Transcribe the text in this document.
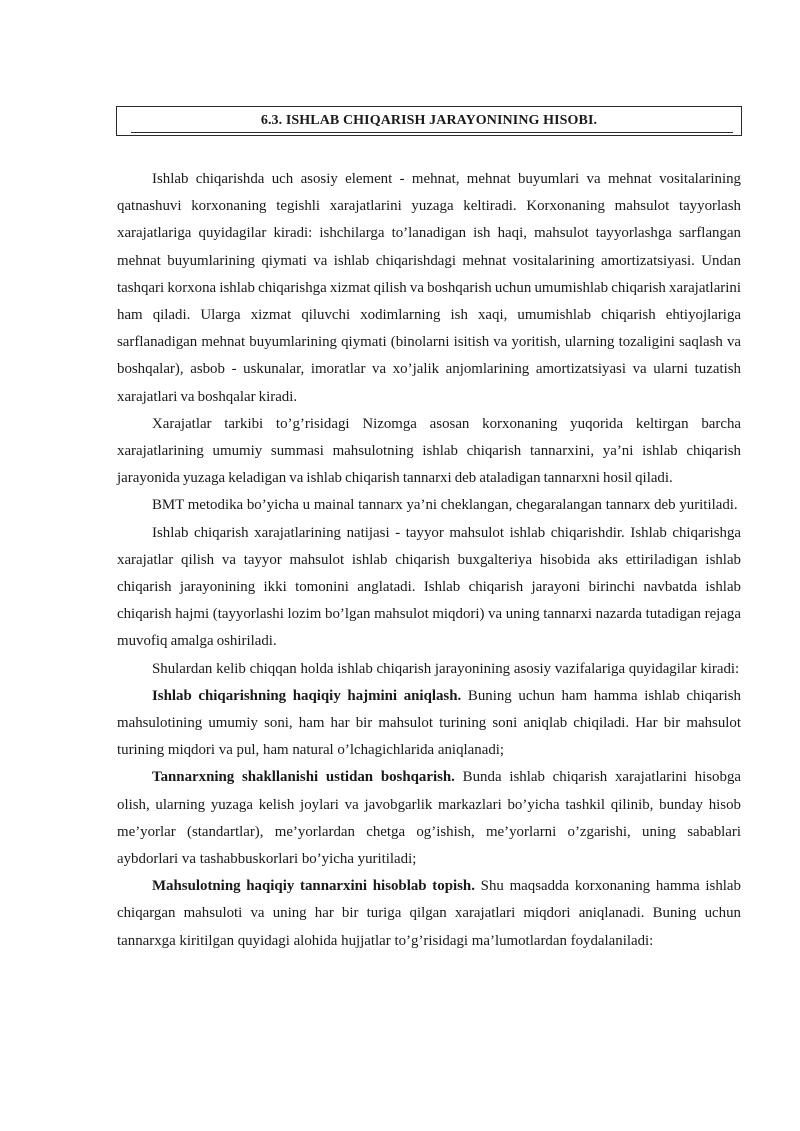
6.3. ISHLAB CHIQARISH JARAYONINING HISOBI.

Ishlab chiqarishda uch asosiy element - mehnat, mehnat buyumlari va mehnat vositalarining qatnashuvi korxonaning tegishli xarajatlarini yuzaga keltiradi. Korxonaning mahsulot tayyorlash xarajatlariga quyidagilar kiradi: ishchilarga to’lanadigan ish haqi, mahsulot tayyorlashga sarflangan mehnat buyumlarining qiymati va ishlab chiqarishdagi mehnat vositalarining amortizatsiyasi. Undan tashqari korxona ishlab chiqarishga xizmat qilish va boshqarish uchun umumishlab chiqarish xarajatlarini ham qiladi. Ularga xizmat qiluvchi xodimlarning ish xaqi, umumishlab chiqarish ehtiyojlariga sarflanadigan mehnat buyumlarining qiymati (binolarni isitish va yoritish, ularning tozaligini saqlash va boshqalar), asbob - uskunalar, imoratlar va xo’jalik anjomlarining amortizatsiyasi va ularni tuzatish xarajatlari va boshqalar kiradi.

Xarajatlar tarkibi to’g’risidagi Nizomga asosan korxonaning yuqorida keltirgan barcha xarajatlarining umumiy summasi mahsulotning ishlab chiqarish tannarxini, ya’ni ishlab chiqarish jarayonida yuzaga keladigan va ishlab chiqarish tannarxi deb ataladigan tannarxni hosil qiladi.

BMT metodika bo’yicha u mainal tannarx ya’ni cheklangan, chegaralangan tannarx deb yuritiladi.

Ishlab chiqarish xarajatlarining natijasi - tayyor mahsulot ishlab chiqarishdir. Ishlab chiqarishga xarajatlar qilish va tayyor mahsulot ishlab chiqarish buxgalteriya hisobida aks ettiriladigan ishlab chiqarish jarayonining ikki tomonini anglatadi. Ishlab chiqarish jarayoni birinchi navbatda ishlab chiqarish hajmi (tayyorlashi lozim bo’lgan mahsulot miqdori) va uning tannarxi nazarda tutadigan rejaga muvofiq amalga oshiriladi.

Shulardan kelib chiqqan holda ishlab chiqarish jarayonining asosiy vazifalariga quyidagilar kiradi:

Ishlab chiqarishning haqiqiy hajmini aniqlash. Buning uchun ham hamma ishlab chiqarish mahsulotining umumiy soni, ham har bir mahsulot turining soni aniqlab chiqiladi. Har bir mahsulot turining miqdori va pul, ham natural o’lchagichlarida aniqlanadi;

Tannarxning shakllanishi ustidan boshqarish. Bunda ishlab chiqarish xarajatlarini hisobga olish, ularning yuzaga kelish joylari va javobgarlik markazlari bo’yicha tashkil qilinib, bunday hisob me’yorlar (standartlar), me’yorlardan chetga og’ishish, me’yorlarni o’zgarishi, uning sabablari aybdorlari va tashabbuskorlari bo’yicha yuritiladi;

Mahsulotning haqiqiy tannarxini hisoblab topish. Shu maqsadda korxonaning hamma ishlab chiqargan mahsuloti va uning har bir turiga qilgan xarajatlari miqdori aniqlanadi. Buning uchun tannarxga kiritilgan quyidagi alohida hujjatlar to’g’risidagi ma’lumotlardan foydalaniladi:
